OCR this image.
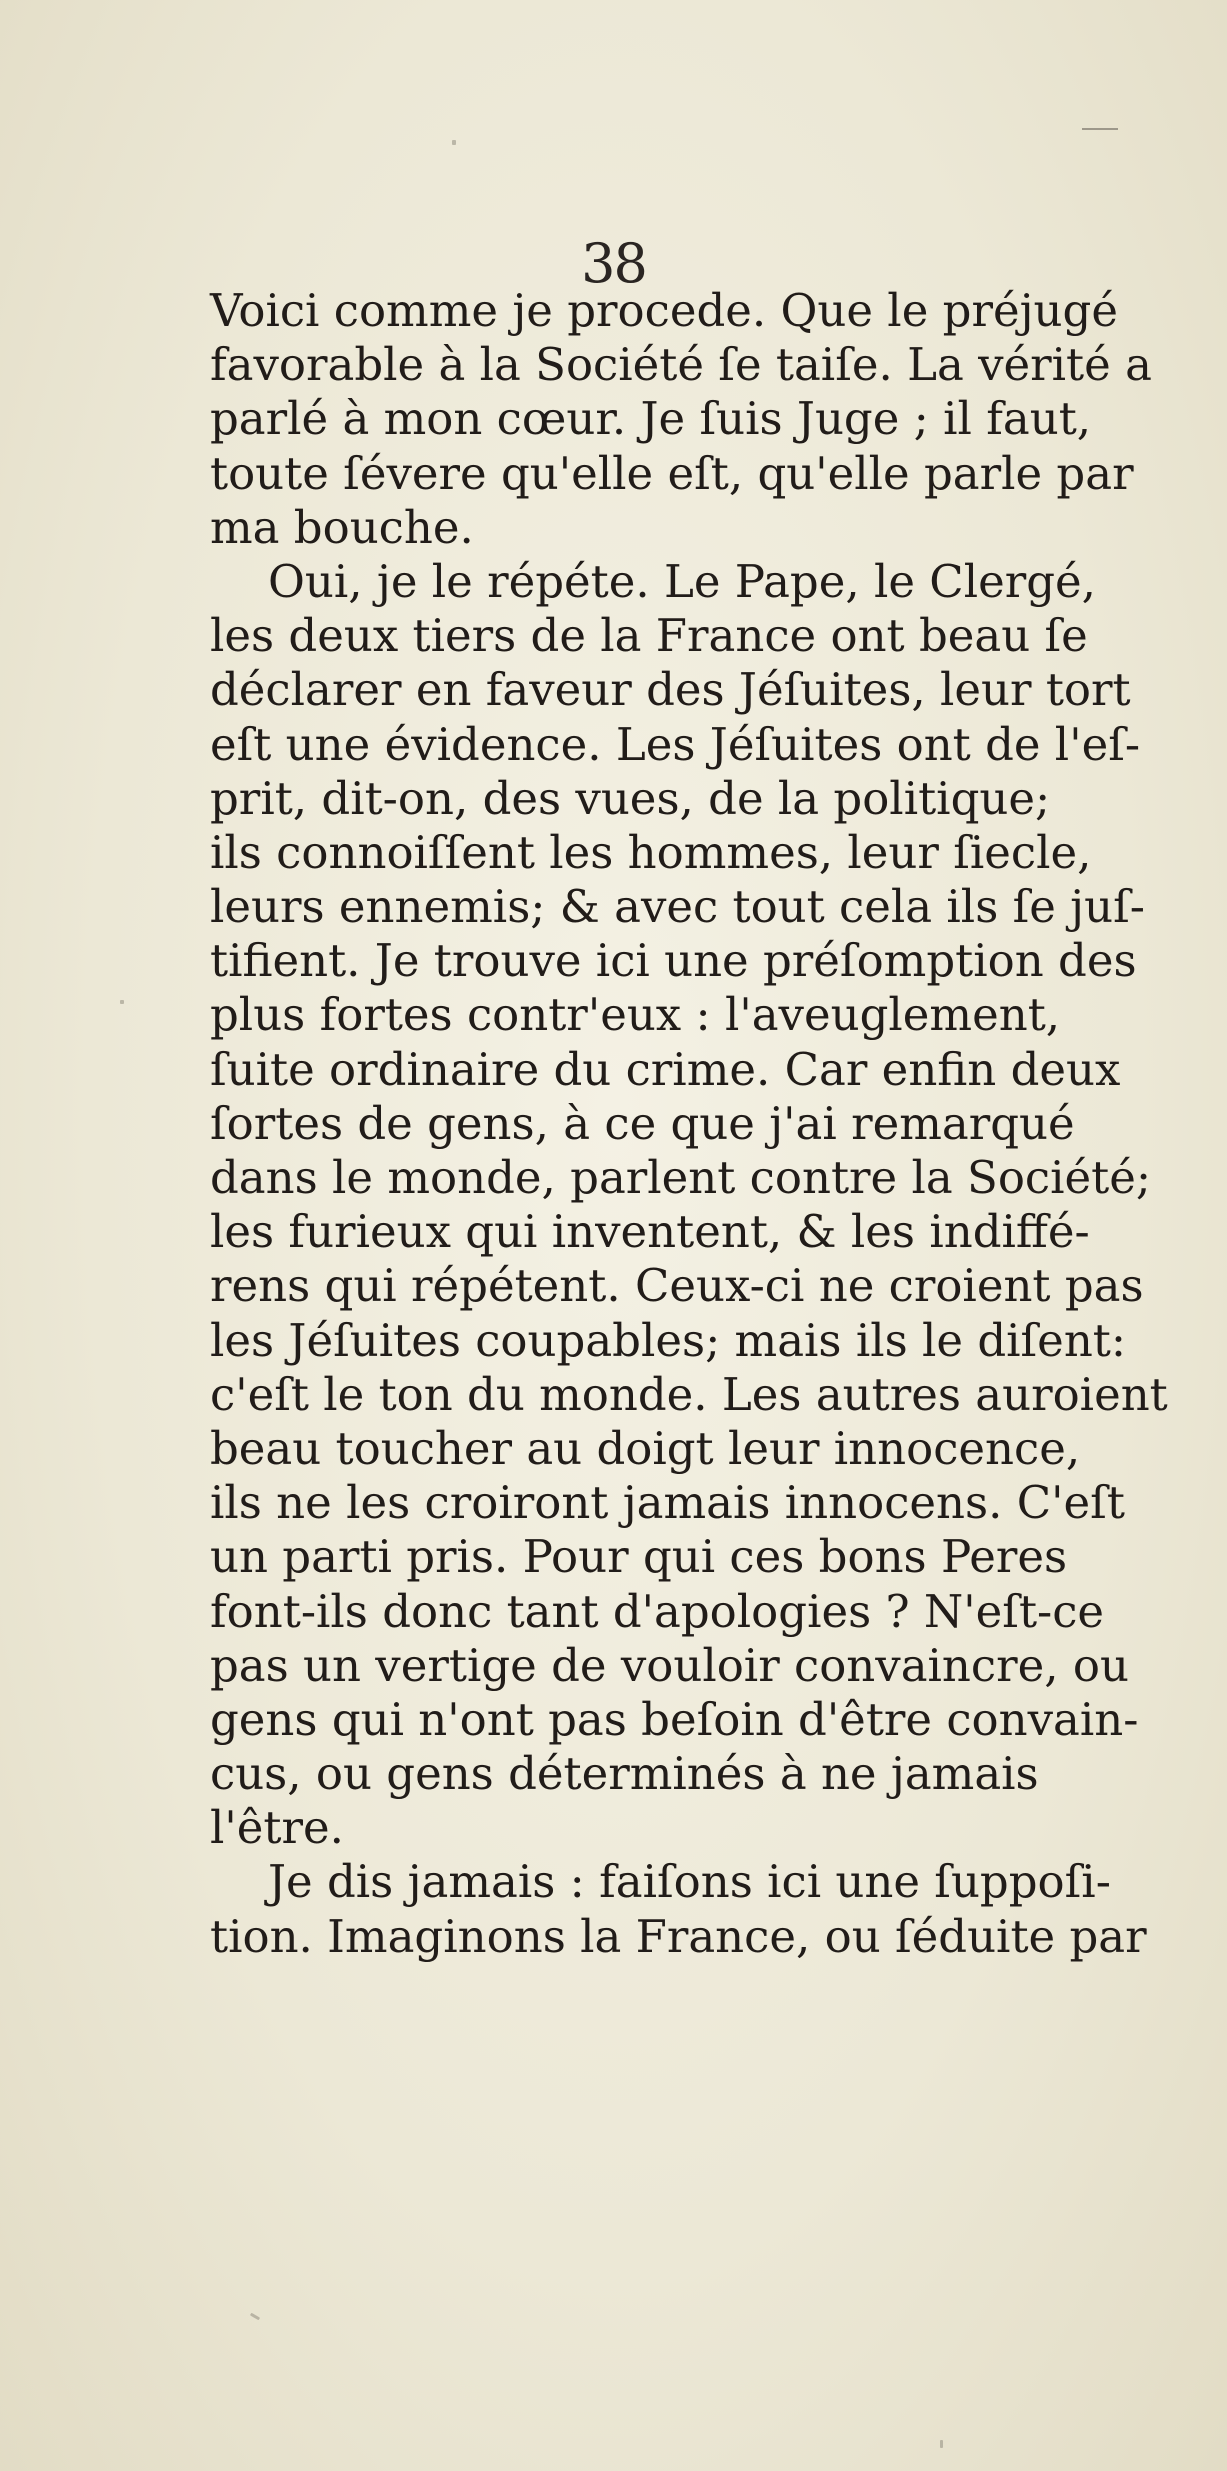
38
Voici comme je procede. Que le préjugé
favorable à la Société ſe taiſe. La vérité a
parlé à mon cœur. Je ſuis Juge ; il faut,
toute ſévere qu'elle eſt, qu'elle parle par
ma bouche.
Oui, je le répéte. Le Pape, le Clergé,
les deux tiers de la France ont beau ſe
déclarer en faveur des Jéſuites, leur tort
eſt une évidence. Les Jéſuites ont de l'eſ-
prit, dit-on, des vues, de la politique;
ils connoiſſent les hommes, leur ſiecle,
leurs ennemis; & avec tout cela ils ſe juſ-
tifient. Je trouve ici une préſomption des
plus fortes contr'eux : l'aveuglement,
ſuite ordinaire du crime. Car enfin deux
ſortes de gens, à ce que j'ai remarqué
dans le monde, parlent contre la Société;
les furieux qui inventent, & les indiffé-
rens qui répétent. Ceux-ci ne croient pas
les Jéſuites coupables; mais ils le diſent:
c'eſt le ton du monde. Les autres auroient
beau toucher au doigt leur innocence,
ils ne les croiront jamais innocens. C'eſt
un parti pris. Pour qui ces bons Peres
font-ils donc tant d'apologies ? N'eſt-ce
pas un vertige de vouloir convaincre, ou
gens qui n'ont pas beſoin d'être convain-
cus, ou gens déterminés à ne jamais
l'être.
Je dis jamais : faiſons ici une ſuppoſi-
tion. Imaginons la France, ou ſéduite par
